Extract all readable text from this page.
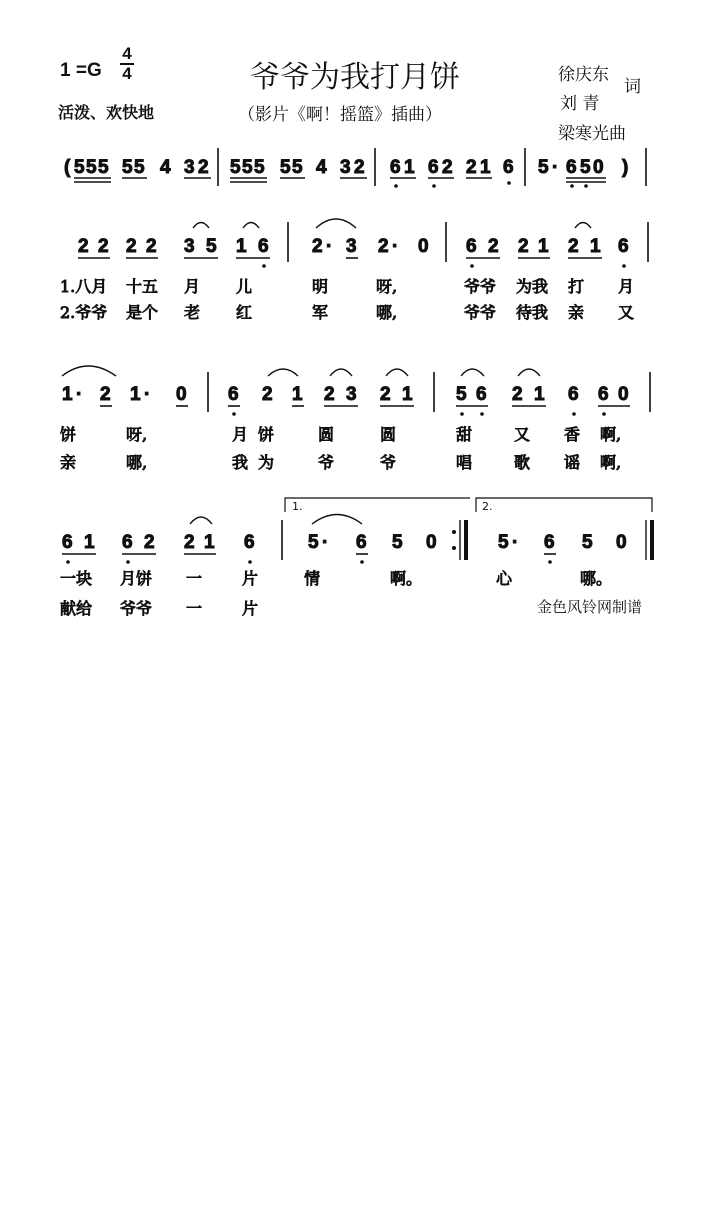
1 =G
4
4
活泼、欢快地
爷爷为我打月饼
（影片《啊！摇篮》插曲）
徐庆东
词
刘 青
梁寒光曲
( 5 5 5 5 5 4 3 2 5 5 5 5 5 4 3 2 6 1 6 2 2 1 6 5 · 6 5 0 )
2 2 2 2 3 5 1 6 2 · 3 2 · 0 6 2 2 1 2 1 6
1.八月 十五 月 儿	明	呀,	爷爷 为我 打 月
2.爷爷 是个 老 红	军	哪,	爷爷 待我 亲 又
1 · 2 1 · 0 6 2 1 2 3 2 1 5 6 2 1 6 6 0
饼	呀,	月 饼	圆	圆	甜	又 香 啊,
亲	哪,	我 为	爷	爷	唱	歌 谣 啊,
6 1 6 2 2 1 6
1.
5 · 6 5 0
2.
5 · 6 5 0
一块 月饼 一 片	情	啊。	心	哪。
献给 爷爷 一 片	金色风铃网制谱
